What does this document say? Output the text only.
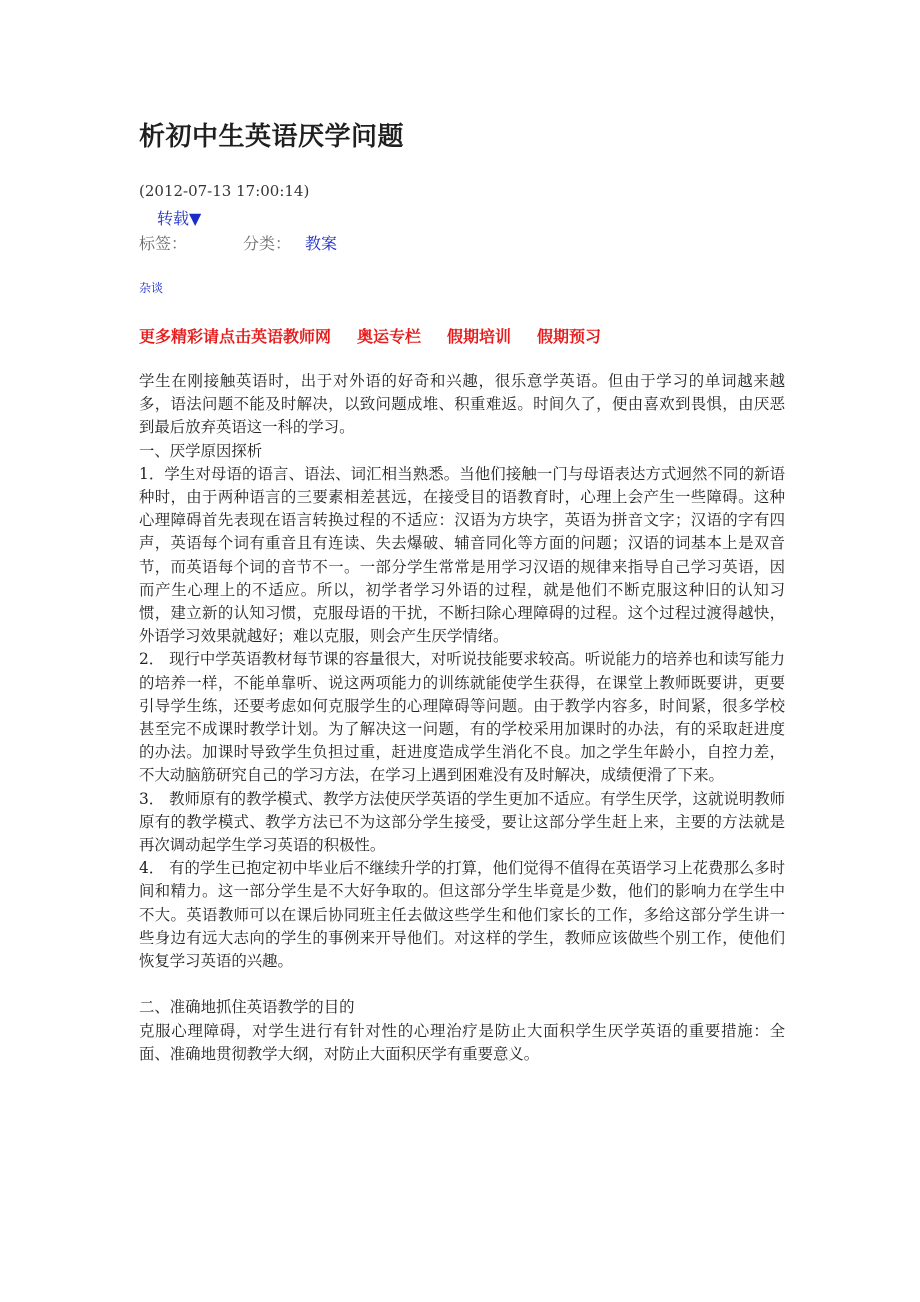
析初中生英语厌学问题
(2012-07-13 17:00:14)
转载▼
标签：	分类： 教案
杂谈
更多精彩请点击英语教师网 奥运专栏 假期培训 假期预习

学生在刚接触英语时，出于对外语的好奇和兴趣，很乐意学英语。但由于学习的单词越来越多，语法问题不能及时解决，以致问题成堆、积重难返。时间久了，便由喜欢到畏惧，由厌恶到最后放弃英语这一科的学习。

一、厌学原因探析

1．学生对母语的语言、语法、词汇相当熟悉。当他们接触一门与母语表达方式迥然不同的新语种时，由于两种语言的三要素相差甚远，在接受目的语教育时，心理上会产生一些障碍。这种心理障碍首先表现在语言转换过程的不适应：汉语为方块字，英语为拼音文字；汉语的字有四声，英语每个词有重音且有连读、失去爆破、辅音同化等方面的问题；汉语的词基本上是双音节，而英语每个词的音节不一。一部分学生常常是用学习汉语的规律来指导自己学习英语，因而产生心理上的不适应。所以，初学者学习外语的过程，就是他们不断克服这种旧的认知习惯，建立新的认知习惯，克服母语的干扰，不断扫除心理障碍的过程。这个过程过渡得越快，外语学习效果就越好；难以克服，则会产生厌学情绪。

2． 现行中学英语教材每节课的容量很大，对听说技能要求较高。听说能力的培养也和读写能力的培养一样，不能单靠听、说这两项能力的训练就能使学生获得，在课堂上教师既要讲，更要引导学生练，还要考虑如何克服学生的心理障碍等问题。由于教学内容多，时间紧，很多学校甚至完不成课时教学计划。为了解决这一问题，有的学校采用加课时的办法，有的采取赶进度的办法。加课时导致学生负担过重，赶进度造成学生消化不良。加之学生年龄小，自控力差，不大动脑筋研究自己的学习方法，在学习上遇到困难没有及时解决，成绩便滑了下来。

3． 教师原有的教学模式、教学方法使厌学英语的学生更加不适应。有学生厌学，这就说明教师原有的教学模式、教学方法已不为这部分学生接受，要让这部分学生赶上来，主要的方法就是再次调动起学生学习英语的积极性。

4． 有的学生已抱定初中毕业后不继续升学的打算，他们觉得不值得在英语学习上花费那么多时间和精力。这一部分学生是不大好争取的。但这部分学生毕竟是少数，他们的影响力在学生中不大。英语教师可以在课后协同班主任去做这些学生和他们家长的工作，多给这部分学生讲一些身边有远大志向的学生的事例来开导他们。对这样的学生，教师应该做些个别工作，使他们恢复学习英语的兴趣。

二、准确地抓住英语教学的目的

克服心理障碍，对学生进行有针对性的心理治疗是防止大面积学生厌学英语的重要措施：全面、准确地贯彻教学大纲，对防止大面积厌学有重要意义。
